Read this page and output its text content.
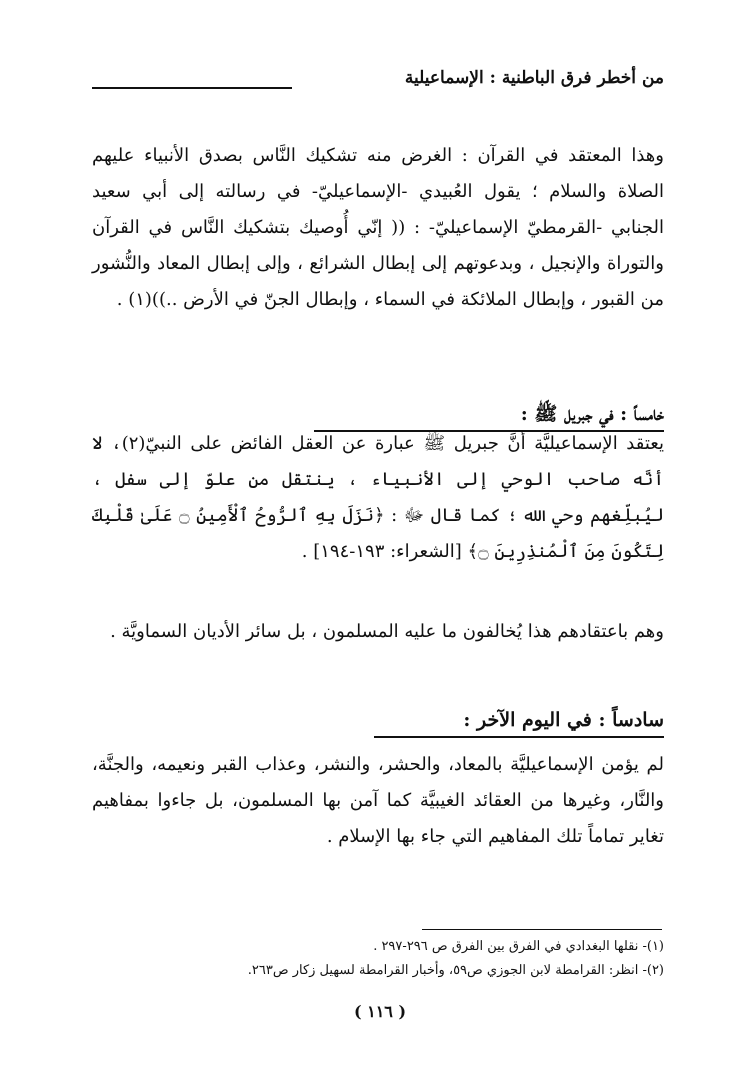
من أخطر فرق الباطنية : الإسماعيلية
وهذا المعتقد في القرآن : الغرض منه تشكيك النَّاس بصدق الأنبياء عليهم الصلاة والسلام ؛ يقول العُبيدي -الإسماعيليّ- في رسالته إلى أبي سعيد الجنابي -القرمطيّ الإسماعيليّ- : (( إنّي أُوصيك بتشكيك النَّاس في القرآن والتوراة والإنجيل ، وبدعوتهم إلى إبطال الشرائع ، وإلى إبطال المعاد والنُّشور من القبور ، وإبطال الملائكة في السماء ، وإبطال الجنّ في الأرض ..))(١) .
خامساً : في جبريل ﷺ :
يعتقد الإسماعيليَّة أنَّ جبريل ﷺ عبارة عن العقل الفائض على النبيّ(٢)، لا أنَّه صاحب الوحي إلى الأنبياء ، ينتقل من علوّ إلى سفل ، ليُبلِّغهم وحي الله ؛ كما قال ﷻ : ﴿نَزَلَ بِهِ ٱلرُّوحُ ٱلْأَمِينُ ۝ عَلَىٰ قَلْبِكَ لِتَكُونَ مِنَ ٱلْمُنذِرِينَ ۝﴾ [الشعراء: ١٩٣-١٩٤] .
وهم باعتقادهم هذا يُخالفون ما عليه المسلمون ، بل سائر الأديان السماويَّة .
سادساً : في اليوم الآخر :
لم يؤمن الإسماعيليَّة بالمعاد، والحشر، والنشر، وعذاب القبر ونعيمه، والجنَّة، والنَّار، وغيرها من العقائد الغيبيَّة كما آمن بها المسلمون، بل جاءوا بمفاهيم تغاير تماماً تلك المفاهيم التي جاء بها الإسلام .
(١)- نقلها البغدادي في الفرق بين الفرق ص ٢٩٦-٢٩٧ .
(٢)- انظر: القرامطة لابن الجوزي ص٥٩، وأخبار القرامطة لسهيل زكار ص٢٦٣.
( ١١٦ )
